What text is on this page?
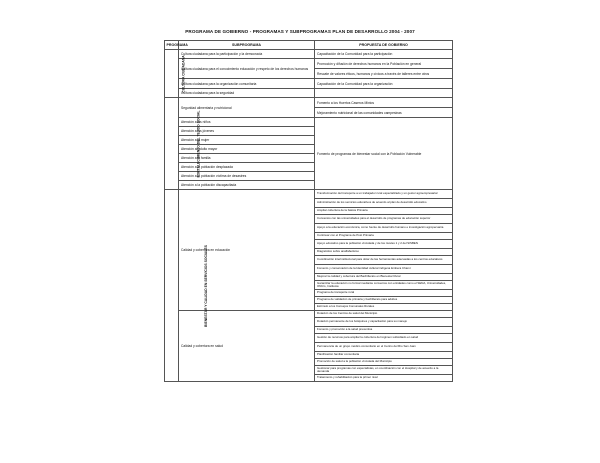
PROGRAMA DE GOBIERNO - PROGRAMAS Y SUBPROGRAMAS PLAN DE DESARROLLO 2004 - 2007
PROGRAMA	SUBPROGRAMA	PROPUESTA DE GOBIERNO
CULTURA CIUDADANA	Cultura ciudadana para la participación y la democracia	Capacitación de la Comunidad para la participación
	Cultura ciudadana para el conocimiento educación y respeto de los derechos humanos	Promoción y difusión de derechos humanos en la Población en general
		Rescate de valores éticos, humanos y cívicos a través de talleres entre otros
	Cultura ciudadana para la organización comunitaria	Capacitación de la Comunidad para la organización
	Cultura ciudadana para la seguridad	
FORTALECIMIENTO DEL TEJIDO SOCIAL	Seguridad alimentaria y nutricional	Fomento a los Huertos Caseros Mixtos
		Mejoramiento nutricional de las comunidades campesinas
	Atención a los niños	Fomento de programas de bienestar social con la Población Vulnerable
	Atención a los jóvenes	
	Atención a la mujer	
	Atención al adulto mayor	
	Atención a la familia	
	Atención a la población desplazada	
	Atención a la población víctima de desastres	
	Atención a la población discapacitada	
BIENESTAR Y CALIDAD EN SERVICIOS SOCIALES	Calidad y cobertura en educación	Transformación del transporte a un trabajador rural especializado y un gestor agroempresarial
		Administración de los servicios educativos de acuerdo al plan de desarrollo educativo
		Ampliar cobertura de la básica Primaria
		Convenios con las universidades para el desarrollo de programas de educación superior
		Apoyo a la educación económica, como fuente de desarrollo humano e investigación agropecuaria
		Continuar con el Programa de Post Primaria
		Apoyo educativo para la población vinculada y de los niveles 1 y 2 del SISBEN
		Diagnóstico sobre analfabetismo
		Coordinación interinstitucional para dotar de las herramientas adecuadas a los centros educativos
		Fomento y conservación de la Identidad cultural indígena Embera Chamí
		Mejorar la calidad y cobertura del Bachillerato en Bienestar Rural
		Garantizar la educación no formal mediante convenios con entidades como el SENA, Universidades, ONG's, Institutos
		Programa de transporte rural
		Programa de validación de primaria y bachillerato para adultos
		Estímulo a los Consejos Comunales Rurales
	Calidad y cobertura en salud	Dotación de los Centros de salud del Municipio
		Dotación permanente de los botiquines y capacitación para su manejo
		Fomento y promoción a la salud preventiva
		Gestión de recursos para ampliar la cobertura del régimen subsidiado en salud
		Permanencia de un grupo médico comunitario en el Centro del Río San Juan
		Planificación familiar comunitaria
		Promoción de salud a la población vinculada del Municipio
		Gestionar para programas con especialistas, en coordinación con el Hospital y de acuerdo a la demanda
		Tratamiento y rehabilitación para la primer nivel
